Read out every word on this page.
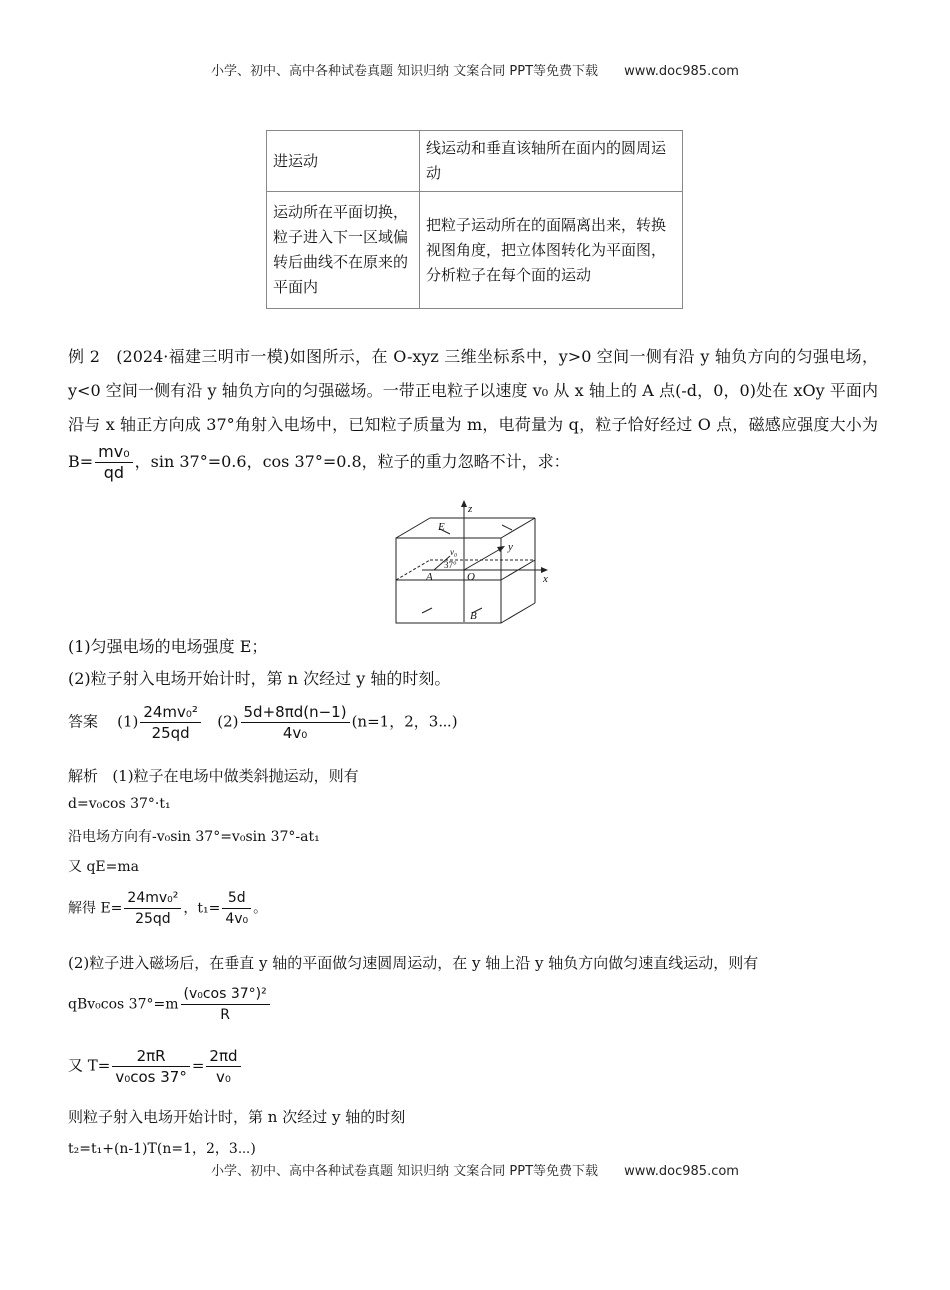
小学、初中、高中各种试卷真题 知识归纳 文案合同 PPT等免费下载 www.doc985.com
进运动	线运动和垂直该轴所在面内的圆周运动
运动所在平面切换，粒子进入下一区域偏转后曲线不在原来的平面内	把粒子运动所在的面隔离出来，转换视图角度，把立体图转化为平面图，分析粒子在每个面的运动
例 2 (2024·福建三明市一模)如图所示，在 O-xyz 三维坐标系中，y>0 空间一侧有沿 y 轴负方向的匀强电场，y<0 空间一侧有沿 y 轴负方向的匀强磁场。一带正电粒子以速度 v₀ 从 x 轴上的 A 点(-d，0，0)处在 xOy 平面内沿与 x 轴正方向成 37°角射入电场中，已知粒子质量为 m，电荷量为 q，粒子恰好经过 O 点，磁感应强度大小为 $B= \frac{\text{mv₀}}{qd}$ ，sin 37°=0.6，cos 37°=0.8，粒子的重力忽略不计，求：
E
z
y
x
v₀
37°
A	O
B
(1)匀强电场的电场强度 E；
(2)粒子射入电场开始计时，第 n 次经过 y 轴的时刻。
答案 $(1) \frac{\text{24mv₀²}}{25qd} (2) \frac{5d+8\pi d(n-1)}{\text{4v₀}} (n=1$，2，3⋯)
解析 (1)粒子在电场中做类斜抛运动，则有
d=v₀cos 37°·t₁
沿电场方向有-v₀sin 37°=v₀sin 37°-at₁
又 qE=ma
解得 $E= \frac{\text{24mv₀²}}{25qd}$ ，$t_1= \frac{5d}{\text{4v₀}}$ 。
(2)粒子进入磁场后，在垂直 y 轴的平面做匀速圆周运动，在 y 轴上沿 y 轴负方向做匀速直线运动，则有
qBv₀cos $37^\circ=m \frac{\text{(v₀cos 37°)²}}{R}$
又 $T= \frac{2\pi R}{\text{v₀cos 37°}} = \frac{2\pi d}{\text{v₀}}$
则粒子射入电场开始计时，第 n 次经过 y 轴的时刻
t₂=t₁+(n-1)T(n=1，2，3⋯)
小学、初中、高中各种试卷真题 知识归纳 文案合同 PPT等免费下载 www.doc985.com
